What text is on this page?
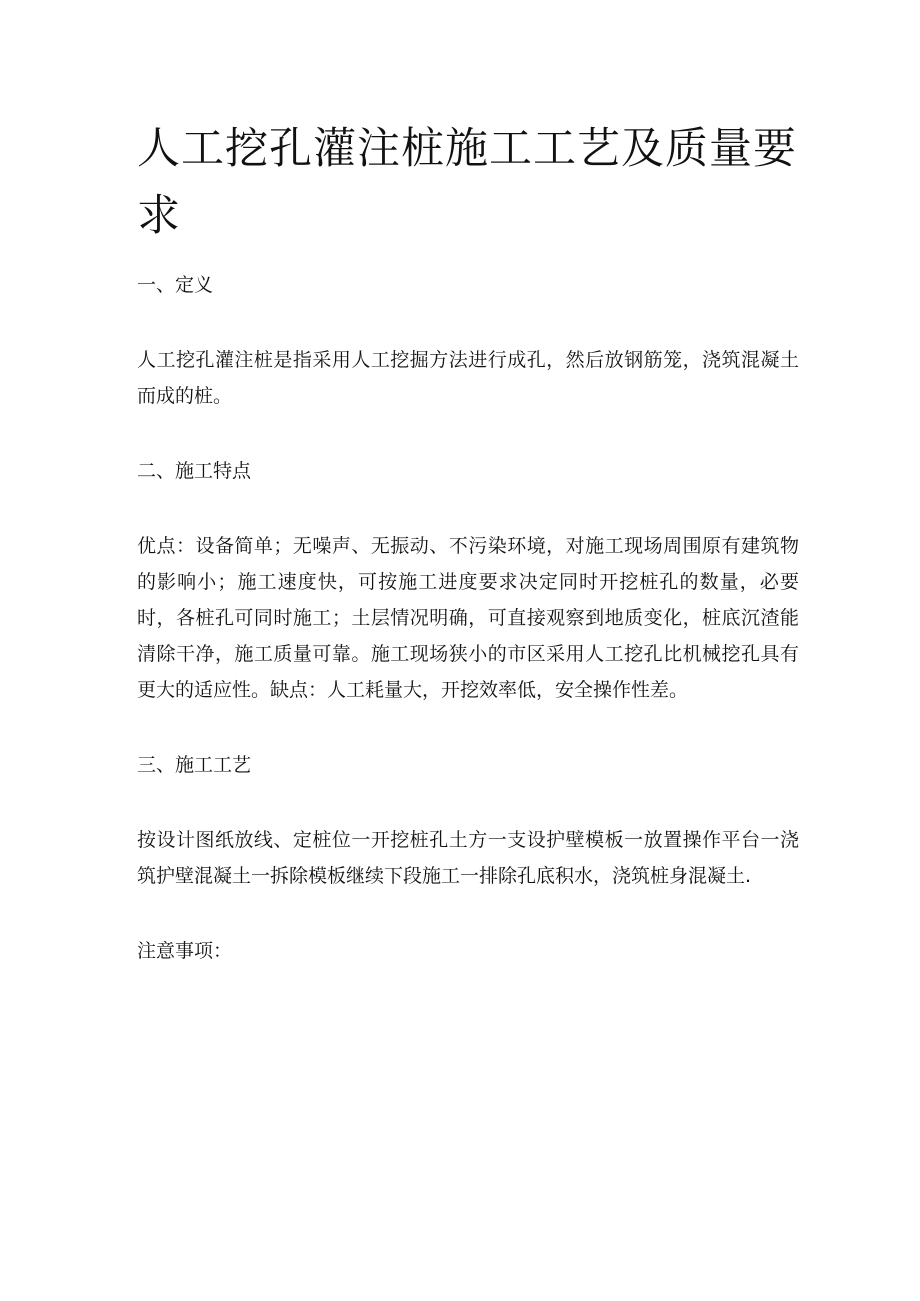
人工挖孔灌注桩施工工艺及质量要求
一、定义

人工挖孔灌注桩是指采用人工挖掘方法进行成孔，然后放钢筋笼，浇筑混凝土而成的桩。

二、施工特点

优点：设备简单；无噪声、无振动、不污染环境，对施工现场周围原有建筑物的影响小；施工速度快，可按施工进度要求决定同时开挖桩孔的数量，必要时，各桩孔可同时施工；土层情况明确，可直接观察到地质变化，桩底沉渣能清除干净，施工质量可靠。施工现场狭小的市区采用人工挖孔比机械挖孔具有更大的适应性。缺点：人工耗量大，开挖效率低，安全操作性差。

三、施工工艺

按设计图纸放线、定桩位一开挖桩孔土方一支设护壁模板一放置操作平台一浇筑护壁混凝土一拆除模板继续下段施工一排除孔底积水，浇筑桩身混凝土.

注意事项：
